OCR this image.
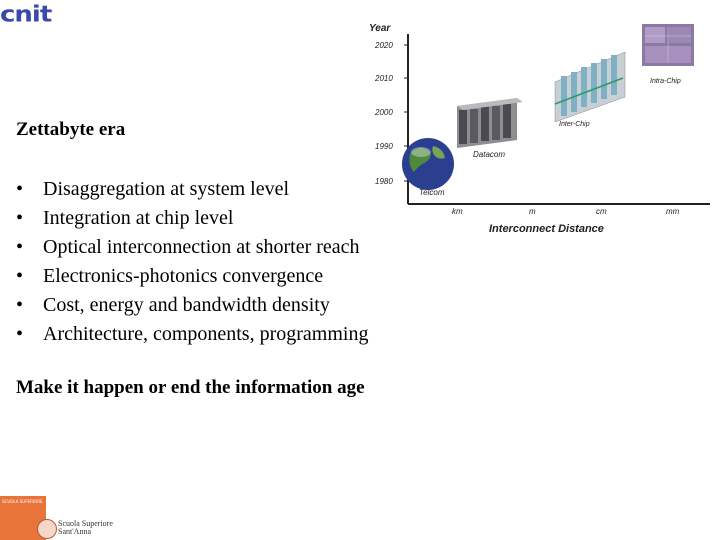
cnit
Zettabyte era
• Disaggregation at system level
• Integration at chip level
• Optical interconnection at shorter reach
• Electronics-photonics convergence
• Cost, energy and bandwidth density
• Architecture, components, programming
Make it happen or end the information age
Year
2020
2010
2000
1990
1980
km	m	cm	mm
Interconnect Distance
Telcom
Datacom
Inter-Chip
Intra-Chip
SCUOLA SUPERIORE
Scuola Superiore
Sant'Anna
